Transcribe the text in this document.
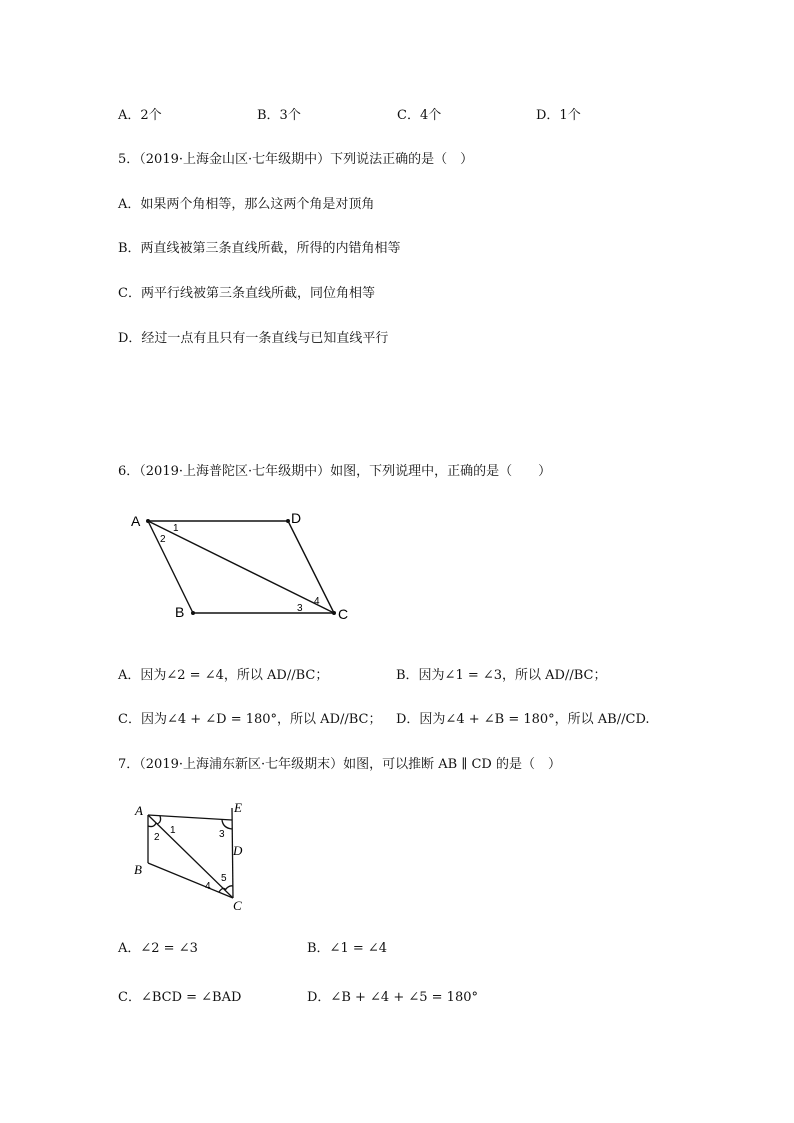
A．2个	B．3个	C．4个	D．1个
5．（2019·上海金山区·七年级期中）下列说法正确的是（　）
A．如果两个角相等，那么这两个角是对顶角
B．两直线被第三条直线所截，所得的内错角相等
C．两平行线被第三条直线所截，同位角相等
D．经过一点有且只有一条直线与已知直线平行
6．（2019·上海普陀区·七年级期中）如图，下列说理中，正确的是（　　）
A	D
B	C
1
2
3
4
A．因为∠2 = ∠4，所以 AD//BC；	B．因为∠1 = ∠3，所以 AD//BC；
C．因为∠4 + ∠D = 180°，所以 AD//BC； D．因为∠4 + ∠B = 180°，所以 AB//CD.
7．（2019·上海浦东新区·七年级期末）如图，可以推断 AB ∥ CD 的是（　）
A	E
D
B
C
1
2	3
4
5
A．∠2 = ∠3	B．∠1 = ∠4
C．∠BCD = ∠BAD	D．∠B + ∠4 + ∠5 = 180°
